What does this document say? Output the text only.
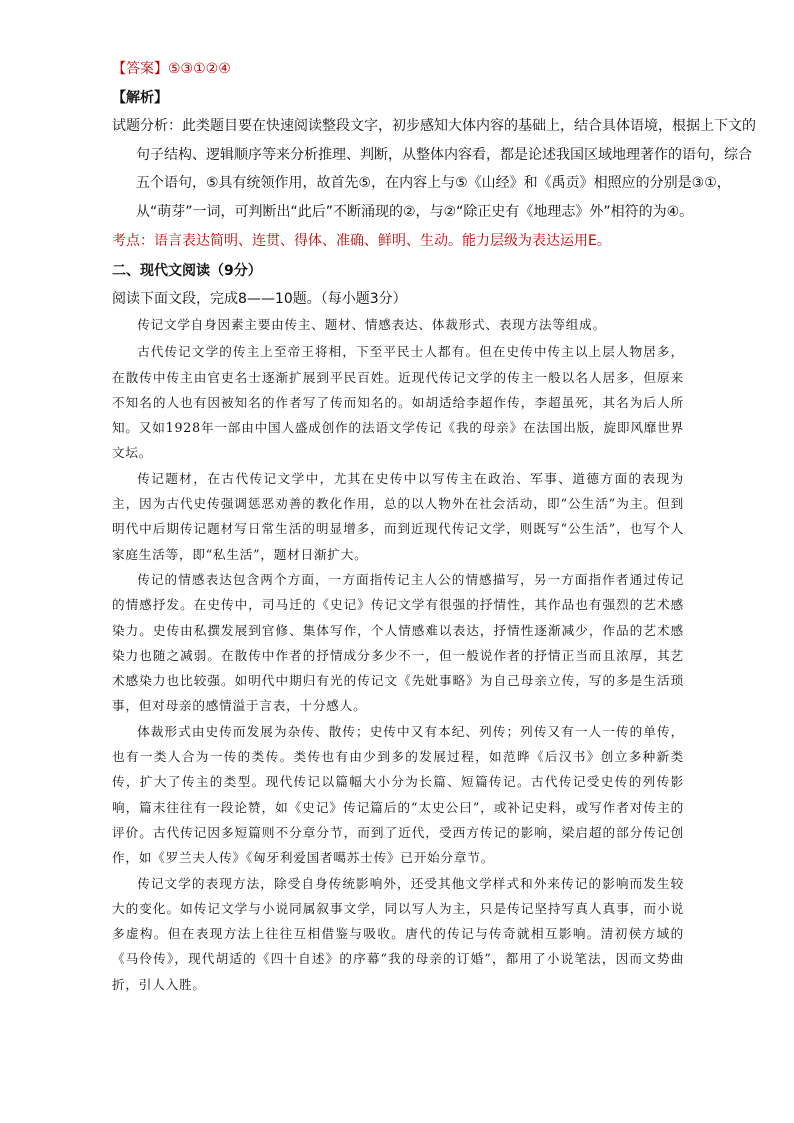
【答案】⑤③①②④
【解析】
试题分析：此类题目要在快速阅读整段文字，初步感知大体内容的基础上，结合具体语境，根据上下文的
句子结构、逻辑顺序等来分析推理、判断，从整体内容看，都是论述我国区域地理著作的语句，综合五个语句，⑤具有统领作用，故首先⑤，在内容上与⑤《山经》和《禹贡》相照应的分别是③①，从“萌芽”一词，可判断出“此后”不断涌现的②，与②“除正史有《地理志》外”相符的为④。
考点：语言表达简明、连贯、得体、准确、鲜明、生动。能力层级为表达运用E。
二、现代文阅读（9分）
阅读下面文段，完成8——10题。（每小题3分）

传记文学自身因素主要由传主、题材、情感表达、体裁形式、表现方法等组成。

古代传记文学的传主上至帝王将相，下至平民士人都有。但在史传中传主以上层人物居多，在散传中传主由官吏名士逐渐扩展到平民百姓。近现代传记文学的传主一般以名人居多，但原来不知名的人也有因被知名的作者写了传而知名的。如胡适给李超作传，李超虽死，其名为后人所知。又如1928年一部由中国人盛成创作的法语文学传记《我的母亲》在法国出版，旋即风靡世界文坛。

传记题材，在古代传记文学中，尤其在史传中以写传主在政治、军事、道德方面的表现为主，因为古代史传强调惩恶劝善的教化作用，总的以人物外在社会活动，即“公生活”为主。但到明代中后期传记题材写日常生活的明显增多，而到近现代传记文学，则既写“公生活”，也写个人家庭生活等，即“私生活”，题材日渐扩大。

传记的情感表达包含两个方面，一方面指传记主人公的情感描写，另一方面指作者通过传记的情感抒发。在史传中，司马迁的《史记》传记文学有很强的抒情性，其作品也有强烈的艺术感染力。史传由私撰发展到官修、集体写作，个人情感难以表达，抒情性逐渐减少，作品的艺术感染力也随之减弱。在散传中作者的抒情成分多少不一，但一般说作者的抒情正当而且浓厚，其艺术感染力也比较强。如明代中期归有光的传记文《先妣事略》为自己母亲立传，写的多是生活琐事，但对母亲的感情溢于言表，十分感人。

体裁形式由史传而发展为杂传、散传；史传中又有本纪、列传；列传又有一人一传的单传，也有一类人合为一传的类传。类传也有由少到多的发展过程，如范晔《后汉书》创立多种新类传，扩大了传主的类型。现代传记以篇幅大小分为长篇、短篇传记。古代传记受史传的列传影响，篇末往往有一段论赞，如《史记》传记篇后的“太史公曰”，或补记史料，或写作者对传主的评价。古代传记因多短篇则不分章分节，而到了近代，受西方传记的影响，梁启超的部分传记创作，如《罗兰夫人传》《匈牙利爱国者噶苏士传》已开始分章节。

传记文学的表现方法，除受自身传统影响外，还受其他文学样式和外来传记的影响而发生较大的变化。如传记文学与小说同属叙事文学，同以写人为主，只是传记坚持写真人真事，而小说多虚构。但在表现方法上往往互相借鉴与吸收。唐代的传记与传奇就相互影响。清初侯方域的《马伶传》，现代胡适的《四十自述》的序幕“我的母亲的订婚”，都用了小说笔法，因而文势曲折，引人入胜。
